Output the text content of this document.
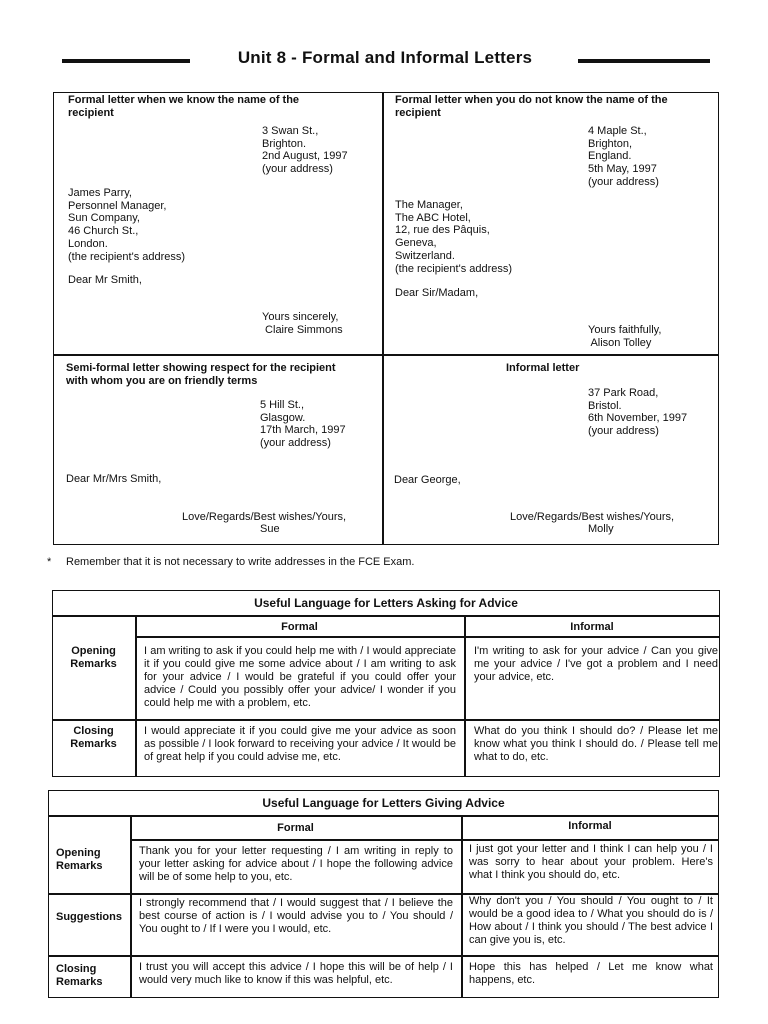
Unit 8 - Formal and Informal Letters
Formal letter when we know the name of the
recipient
3 Swan St.,
Brighton.
2nd August, 1997
(your address)
James Parry,
Personnel Manager,
Sun Company,
46 Church St.,
London.
(the recipient's address)
Dear Mr Smith,
Yours sincerely,
Claire Simmons
Formal letter when you do not know the name of the
recipient
4 Maple St.,
Brighton,
England.
5th May, 1997
(your address)
The Manager,
The ABC Hotel,
12, rue des Pâquis,
Geneva,
Switzerland.
(the recipient's address)
Dear Sir/Madam,
Yours faithfully,
Alison Tolley
Semi-formal letter showing respect for the recipient
with whom you are on friendly terms
5 Hill St.,
Glasgow.
17th March, 1997
(your address)
Dear Mr/Mrs Smith,
Love/Regards/Best wishes/Yours,
Sue
Informal letter
37 Park Road,
Bristol.
6th November, 1997
(your address)
Dear George,
Love/Regards/Best wishes/Yours,
Molly
* Remember that it is not necessary to write addresses in the FCE Exam.
Useful Language for Letters Asking for Advice
Formal	Informal
Opening
Remarks
I am writing to ask if you could help me with / I would appreciate it if you could give me some advice about / I am writing to ask for your advice / I would be grateful if you could offer your advice / Could you possibly offer your advice/ I wonder if you could help me with a problem, etc.
I'm writing to ask for your advice / Can you give me your advice / I've got a problem and I need your advice, etc.
Closing
Remarks
I would appreciate it if you could give me your advice as soon as possible / I look forward to receiving your advice / It would be of great help if you could advise me, etc.
What do you think I should do? / Please let me know what you think I should do. / Please tell me what to do, etc.
Useful Language for Letters Giving Advice
Formal	Informal
Opening
Remarks
Thank you for your letter requesting / I am writing in reply to your letter asking for advice about / I hope the following advice will be of some help to you, etc.
I just got your letter and I think I can help you / I was sorry to hear about your problem. Here's what I think you should do, etc.
Suggestions
I strongly recommend that / I would suggest that / I believe the best course of action is / I would advise you to / You should / You ought to / If I were you I would, etc.
Why don't you / You should / You ought to / It would be a good idea to / What you should do is / How about / I think you should / The best advice I can give you is, etc.
Closing
Remarks
I trust you will accept this advice / I hope this will be of help / I would very much like to know if this was helpful, etc.
Hope this has helped / Let me know what happens, etc.
